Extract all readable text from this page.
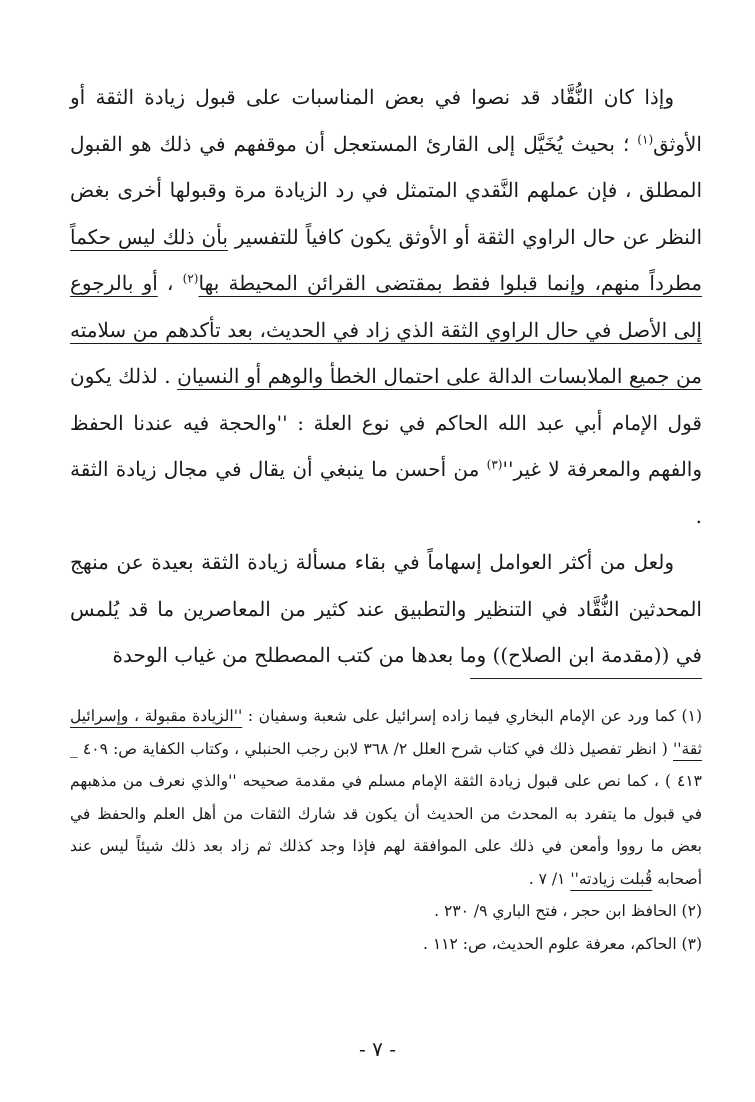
وإذا كان النُّقَّاد قد نصوا في بعض المناسبات على قبول زيادة الثقة أو الأوثق$^{(١)}$ ؛ بحيث يُخَيَّل إلى القارئ المستعجل أن موقفهم في ذلك هو القبول المطلق ، فإن عملهم النَّقدي المتمثل في رد الزيادة مرة وقبولها أخرى بغض النظر عن حال الراوي الثقة أو الأوثق يكون كافياً للتفسير بأن ذلك ليس حكماً مطرداً منهم، وإنما قبلوا فقط بمقتضى القرائن المحيطة بها$^{(٢)}$ ، أو بالرجوع إلى الأصل في حال الراوي الثقة الذي زاد في الحديث، بعد تأكدهم من سلامته من جميع الملابسات الدالة على احتمال الخطأ والوهم أو النسيان . لذلك يكون قول الإمام أبي عبد الله الحاكم في نوع العلة : ''والحجة فيه عندنا الحفظ والفهم والمعرفة لا غير''$^{(٣)}$ من أحسن ما ينبغي أن يقال في مجال زيادة الثقة .

ولعل من أكثر العوامل إسهاماً في بقاء مسألة زيادة الثقة بعيدة عن منهج المحدثين النُّقَّاد في التنظير والتطبيق عند كثير من المعاصرين ما قد يُلمس في ((مقدمة ابن الصلاح)) وما بعدها من كتب المصطلح من غياب الوحدة

(١) كما ورد عن الإمام البخاري فيما زاده إسرائيل على شعبة وسفيان : ''الزيادة مقبولة ، وإسرائيل ثقة'' ( انظر تفصيل ذلك في كتاب شرح العلل ٢/ ٣٦٨ لابن رجب الحنبلي ، وكتاب الكفاية ص: ٤٠٩ _ ٤١٣ ) ، كما نص على قبول زيادة الثقة الإمام مسلم في مقدمة صحيحه ''والذي نعرف من مذهبهم في قبول ما يتفرد به المحدث من الحديث أن يكون قد شارك الثقات من أهل العلم والحفظ في بعض ما رووا وأمعن في ذلك على الموافقة لهم فإذا وجد كذلك ثم زاد بعد ذلك شيئاً ليس عند أصحابه قُبلت زيادته'' ١/ ٧ .

(٢) الحافظ ابن حجر ، فتح الباري ٩/ ٢٣٠ .

(٣) الحاكم، معرفة علوم الحديث، ص: ١١٢ .

- ٧ -
